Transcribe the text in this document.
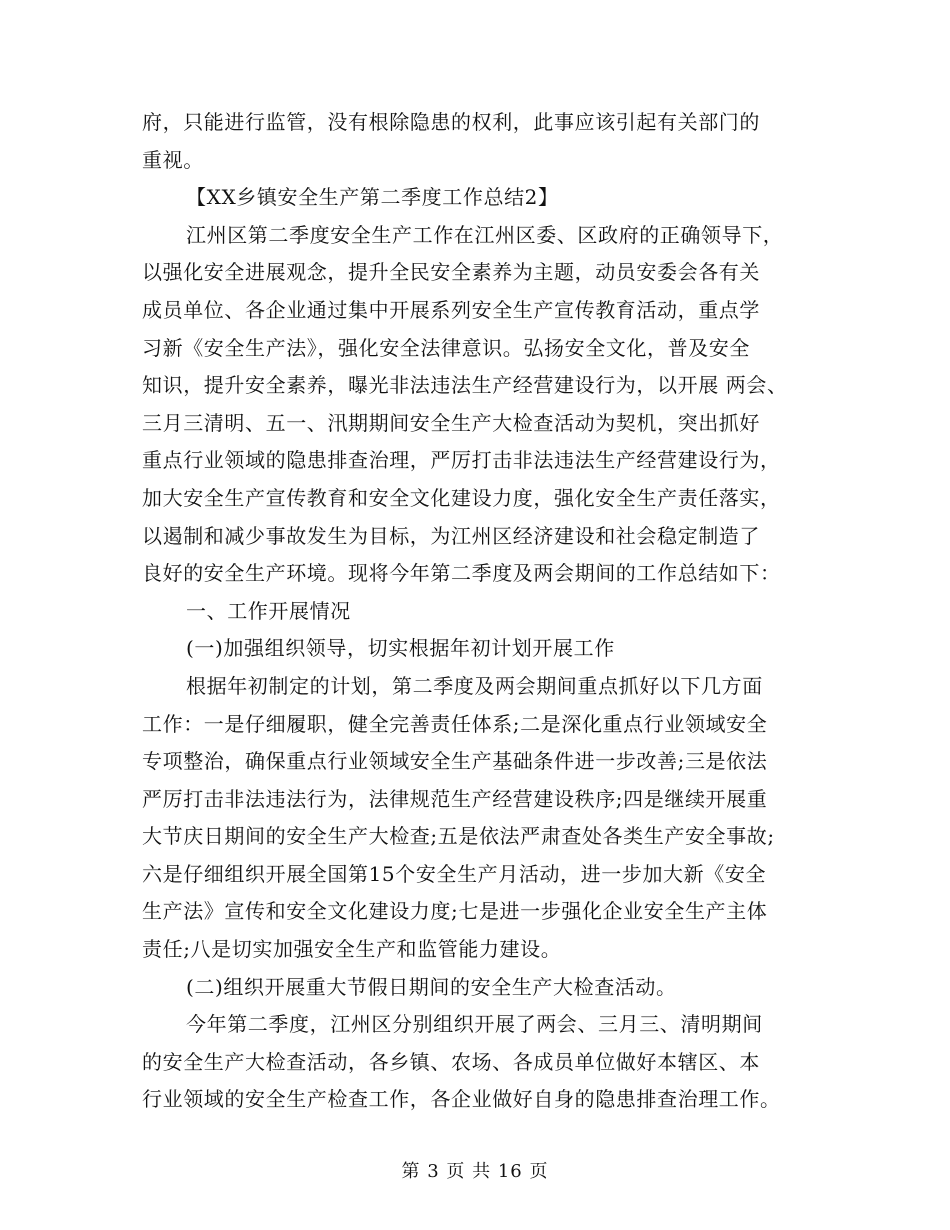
府，只能进行监管，没有根除隐患的权利，此事应该引起有关部门的
重视。
【XX乡镇安全生产第二季度工作总结2】
江州区第二季度安全生产工作在江州区委、区政府的正确领导下，
以强化安全进展观念，提升全民安全素养为主题，动员安委会各有关
成员单位、各企业通过集中开展系列安全生产宣传教育活动，重点学
习新《安全生产法》，强化安全法律意识。弘扬安全文化，普及安全
知识，提升安全素养，曝光非法违法生产经营建设行为，以开展 两会、
三月三清明、五一、汛期期间安全生产大检查活动为契机，突出抓好
重点行业领域的隐患排查治理，严厉打击非法违法生产经营建设行为，
加大安全生产宣传教育和安全文化建设力度，强化安全生产责任落实，
以遏制和减少事故发生为目标，为江州区经济建设和社会稳定制造了
良好的安全生产环境。现将今年第二季度及两会期间的工作总结如下：
一、工作开展情况
(一)加强组织领导，切实根据年初计划开展工作
根据年初制定的计划，第二季度及两会期间重点抓好以下几方面
工作：一是仔细履职，健全完善责任体系;二是深化重点行业领域安全
专项整治，确保重点行业领域安全生产基础条件进一步改善;三是依法
严厉打击非法违法行为，法律规范生产经营建设秩序;四是继续开展重
大节庆日期间的安全生产大检查;五是依法严肃查处各类生产安全事故;
六是仔细组织开展全国第15个安全生产月活动，进一步加大新《安全
生产法》宣传和安全文化建设力度;七是进一步强化企业安全生产主体
责任;八是切实加强安全生产和监管能力建设。
(二)组织开展重大节假日期间的安全生产大检查活动。
今年第二季度，江州区分别组织开展了两会、三月三、清明期间
的安全生产大检查活动，各乡镇、农场、各成员单位做好本辖区、本
行业领域的安全生产检查工作，各企业做好自身的隐患排查治理工作。
第 3 页 共 16 页
